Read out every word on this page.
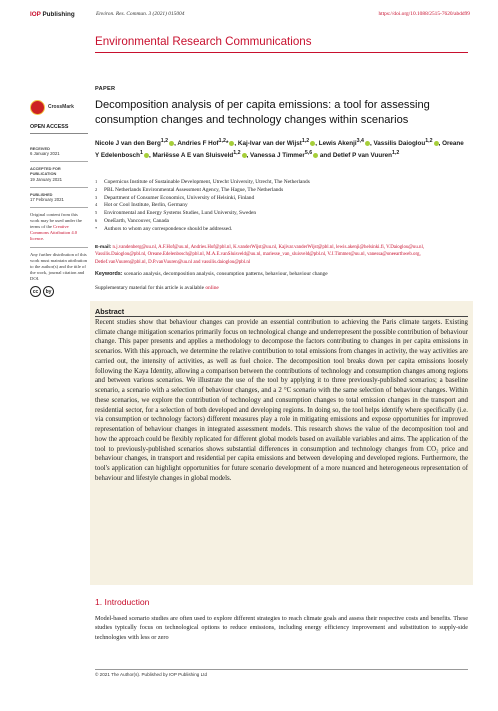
IOP Publishing	Environ. Res. Commun. 3 (2021) 015004	https://doi.org/10.1088/2515-7620/abdd99
Environmental Research Communications
CrossMark
OPEN ACCESS
RECEIVED
6 January 2021
ACCEPTED FOR PUBLICATION
19 January 2021
PUBLISHED
17 February 2021
Original content from this work may be used under the terms of the Creative Commons Attribution 4.0 licence.
Any further distribution of this work must maintain attribution to the author(s) and the title of the work, journal citation and DOI.
cc	by
PAPER
Decomposition analysis of per capita emissions: a tool for assessing consumption changes and technology changes within scenarios
Nicole J van den Berg$^{1,2}$ , Andries F Hof$^{1,2}$* , Kaj-Ivar van der Wijst$^{1,2}$ , Lewis Akenji$^{3,4}$ , Vassilis Daioglou$^{1,2}$ , Oreane Y Edelenbosch$^1$ , Mariësse A E van Sluisveld$^{1,2}$ , Vanessa J Timmer$^{5,6}$ and Detlef P van Vuuren$^{1,2}$
1	Copernicus Institute of Sustainable Development, Utrecht University, Utrecht, The Netherlands
2	PBL Netherlands Environmental Assessment Agency, The Hague, The Netherlands
3	Department of Consumer Economics, University of Helsinki, Finland
4	Hot or Cool Institute, Berlin, Germany
5	Environmental and Energy Systems Studies, Lund University, Sweden
6	OneEarth, Vancouver, Canada
*	Authors to whom any correspondence should be addressed.
E-mail: n.j.vandenberg@uu.nl, A.F.Hof@uu.nl, Andries.Hof@pbl.nl, K.vanderWijst@uu.nl, Kajivar.vanderWijst@pbl.nl, lewis.akenji@helsinki.fi, V.Daioglou@uu.nl, Vassilis.Daioglou@pbl.nl, Oreane.Edelenbosch@pbl.nl, M.A.E.vanSluisveld@uu.nl, mariesse_van_sluisveld@pbl.nl, V.J.Timmer@uu.nl, vanessa@oneearthweb.org, Detlef.vanVuuren@pbl.nl, D.P.vanVuuren@uu.nl and vassilis.daioglou@pbl.nl
Keywords: scenario analysis, decomposition analysis, consumption patterns, behaviour, behaviour change
Supplementary material for this article is available online
Abstract
Recent studies show that behaviour changes can provide an essential contribution to achieving the Paris climate targets. Existing climate change mitigation scenarios primarily focus on technological change and underrepresent the possible contribution of behaviour change. This paper presents and applies a methodology to decompose the factors contributing to changes in per capita emissions in scenarios. With this approach, we determine the relative contribution to total emissions from changes in activity, the way activities are carried out, the intensity of activities, as well as fuel choice. The decomposition tool breaks down per capita emissions loosely following the Kaya Identity, allowing a comparison between the contributions of technology and consumption changes among regions and between various scenarios. We illustrate the use of the tool by applying it to three previously-published scenarios; a baseline scenario, a scenario with a selection of behaviour changes, and a 2 °C scenario with the same selection of behaviour changes. Within these scenarios, we explore the contribution of technology and consumption changes to total emission changes in the transport and residential sector, for a selection of both developed and developing regions. In doing so, the tool helps identify where specifically (i.e. via consumption or technology factors) different measures play a role in mitigating emissions and expose opportunities for improved representation of behaviour changes in integrated assessment models. This research shows the value of the decomposition tool and how the approach could be flexibly replicated for different global models based on available variables and aims. The application of the tool to previously-published scenarios shows substantial differences in consumption and technology changes from CO₂ price and behaviour changes, in transport and residential per capita emissions and between developing and developed regions. Furthermore, the tool's application can highlight opportunities for future scenario development of a more nuanced and heterogeneous representation of behaviour and lifestyle changes in global models.
1. Introduction
Model-based scenario studies are often used to explore different strategies to reach climate goals and assess their respective costs and benefits. These studies typically focus on technological options to reduce emissions, including energy efficiency improvement and substitution to supply-side technologies with less or zero
© 2021 The Author(s). Published by IOP Publishing Ltd
